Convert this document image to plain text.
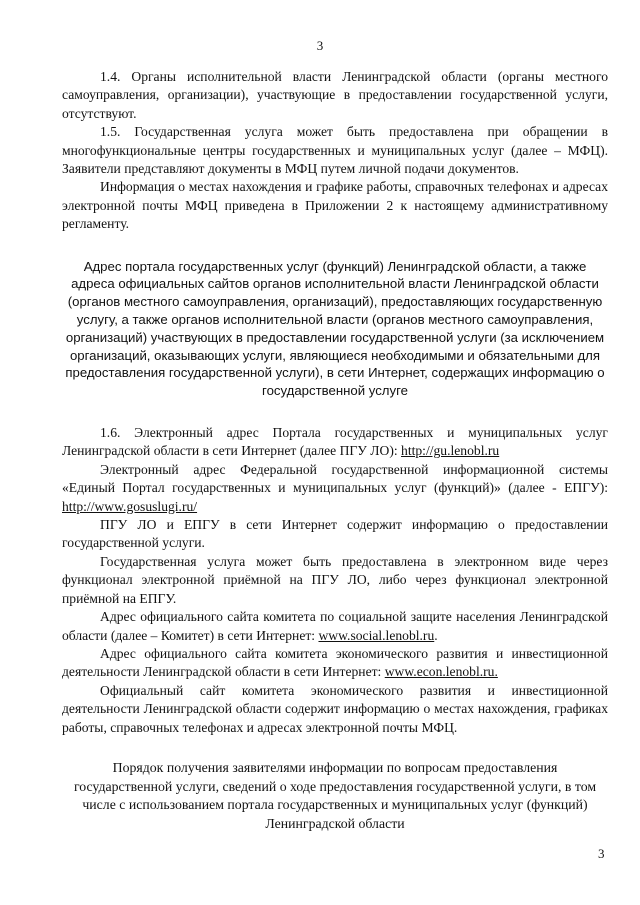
3

1.4. Органы исполнительной власти Ленинградской области (органы местного самоуправления, организации), участвующие в предоставлении государственной услуги, отсутствуют.

1.5. Государственная услуга может быть предоставлена при обращении в многофункциональные центры государственных и муниципальных услуг (далее – МФЦ). Заявители представляют документы в МФЦ путем личной подачи документов.

Информация о местах нахождения и графике работы, справочных телефонах и адресах электронной почты МФЦ приведена в Приложении 2 к настоящему административному регламенту.

Адрес портала государственных услуг (функций) Ленинградской области, а также адреса официальных сайтов органов исполнительной власти Ленинградской области (органов местного самоуправления, организаций), предоставляющих государственную услугу, а также органов исполнительной власти (органов местного самоуправления, организаций) участвующих в предоставлении государственной услуги (за исключением организаций, оказывающих услуги, являющиеся необходимыми и обязательными для предоставления государственной услуги), в сети Интернет, содержащих информацию о государственной услуге

1.6. Электронный адрес Портала государственных и муниципальных услуг Ленинградской области в сети Интернет (далее ПГУ ЛО): http://gu.lenobl.ru

Электронный адрес Федеральной государственной информационной системы «Единый Портал государственных и муниципальных услуг (функций)» (далее - ЕПГУ): http://www.gosuslugi.ru/

ПГУ ЛО и ЕПГУ в сети Интернет содержит информацию о предоставлении государственной услуги.

Государственная услуга может быть предоставлена в электронном виде через функционал электронной приёмной на ПГУ ЛО, либо через функционал электронной приёмной на ЕПГУ.

Адрес официального сайта комитета по социальной защите населения Ленинградской области (далее – Комитет) в сети Интернет: www.social.lenobl.ru.

Адрес официального сайта комитета экономического развития и инвестиционной деятельности Ленинградской области в сети Интернет: www.econ.lenobl.ru.

Официальный сайт комитета экономического развития и инвестиционной деятельности Ленинградской области содержит информацию о местах нахождения, графиках работы, справочных телефонах и адресах электронной почты МФЦ.

Порядок получения заявителями информации по вопросам предоставления государственной услуги, сведений о ходе предоставления государственной услуги, в том числе с использованием портала государственных и муниципальных услуг (функций) Ленинградской области

3
